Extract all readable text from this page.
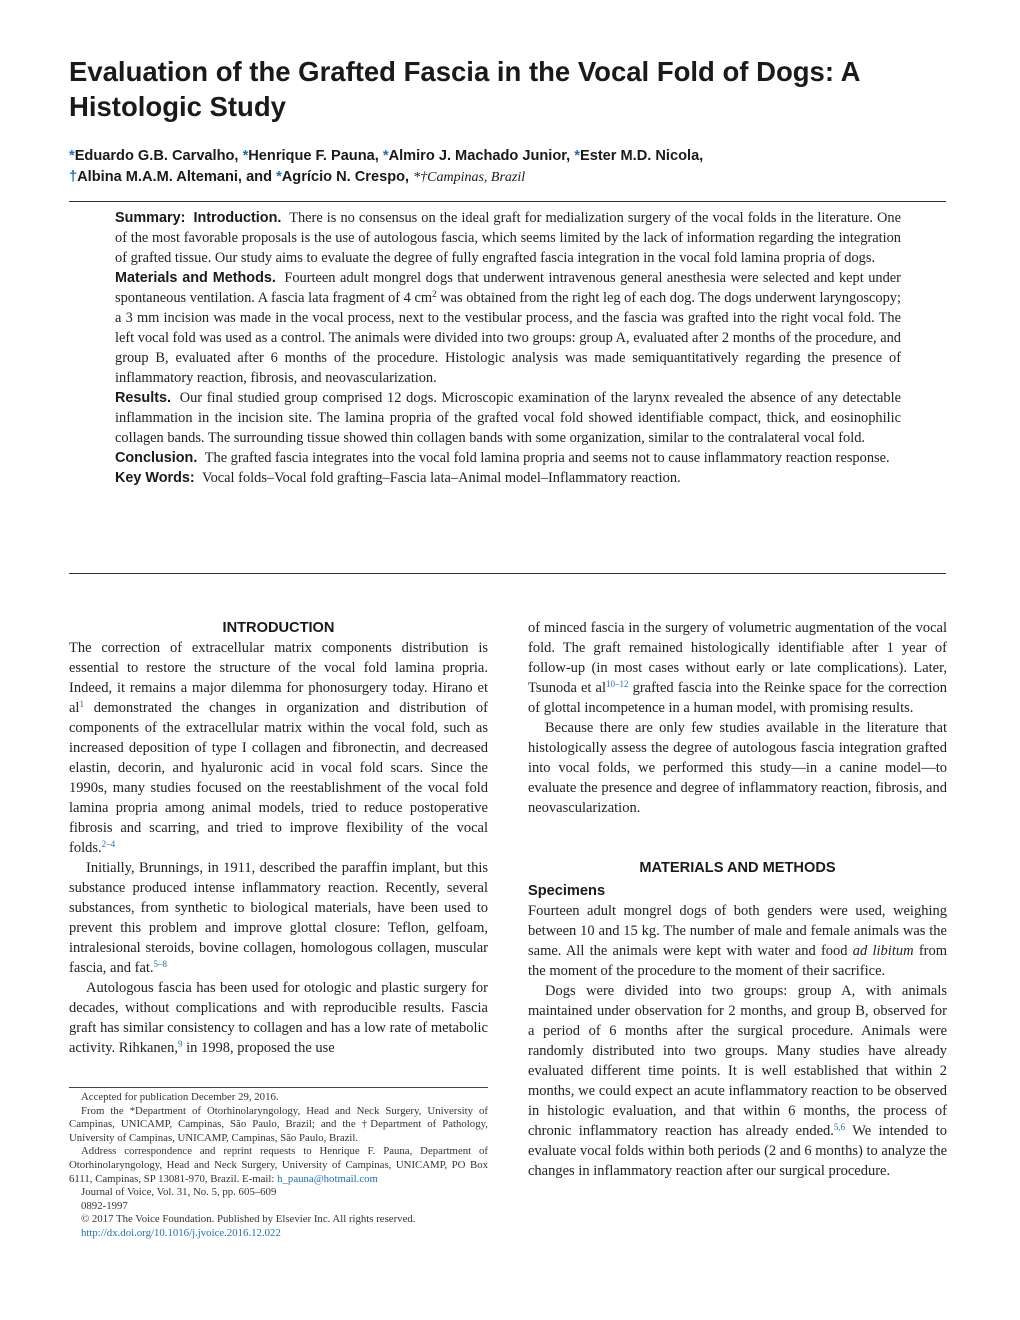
Evaluation of the Grafted Fascia in the Vocal Fold of Dogs: A Histologic Study
*Eduardo G.B. Carvalho, *Henrique F. Pauna, *Almiro J. Machado Junior, *Ester M.D. Nicola,
†Albina M.A.M. Altemani, and *Agrício N. Crespo, *†Campinas, Brazil

Summary: Introduction. There is no consensus on the ideal graft for medialization surgery of the vocal folds in the literature. One of the most favorable proposals is the use of autologous fascia, which seems limited by the lack of information regarding the integration of grafted tissue. Our study aims to evaluate the degree of fully engrafted fascia integration in the vocal fold lamina propria of dogs.

Materials and Methods. Fourteen adult mongrel dogs that underwent intravenous general anesthesia were selected and kept under spontaneous ventilation. A fascia lata fragment of 4 $cm^2$ was obtained from the right leg of each dog. The dogs underwent laryngoscopy; a 3 mm incision was made in the vocal process, next to the vestibular process, and the fascia was grafted into the right vocal fold. The left vocal fold was used as a control. The animals were divided into two groups: group A, evaluated after 2 months of the procedure, and group B, evaluated after 6 months of the procedure. Histologic analysis was made semiquantitatively regarding the presence of inflammatory reaction, fibrosis, and neovascularization.

Results. Our final studied group comprised 12 dogs. Microscopic examination of the larynx revealed the absence of any detectable inflammation in the incision site. The lamina propria of the grafted vocal fold showed identifiable compact, thick, and eosinophilic collagen bands. The surrounding tissue showed thin collagen bands with some organization, similar to the contralateral vocal fold.

Conclusion. The grafted fascia integrates into the vocal fold lamina propria and seems not to cause inflammatory reaction response.

Key Words: Vocal folds–Vocal fold grafting–Fascia lata–Animal model–Inflammatory reaction.

INTRODUCTION

The correction of extracellular matrix components distribution is essential to restore the structure of the vocal fold lamina propria. Indeed, it remains a major dilemma for phonosurgery today. Hirano et al$^1$ demonstrated the changes in organization and distribution of components of the extracellular matrix within the vocal fold, such as increased deposition of type I collagen and fibronectin, and decreased elastin, decorin, and hyaluronic acid in vocal fold scars. Since the 1990s, many studies focused on the reestablishment of the vocal fold lamina propria among animal models, tried to reduce postoperative fibrosis and scarring, and tried to improve flexibility of the vocal folds.$^{2-4}$

Initially, Brunnings, in 1911, described the paraffin implant, but this substance produced intense inflammatory reaction. Recently, several substances, from synthetic to biological materials, have been used to prevent this problem and improve glottal closure: Teflon, gelfoam, intralesional steroids, bovine collagen, homologous collagen, muscular fascia, and fat.$^{5-8}$

Autologous fascia has been used for otologic and plastic surgery for decades, without complications and with reproducible results. Fascia graft has similar consistency to collagen and has a low rate of metabolic activity. Rihkanen,$^9$ in 1998, proposed the use

Accepted for publication December 29, 2016.

From the *Department of Otorhinolaryngology, Head and Neck Surgery, University of Campinas, UNICAMP, Campinas, São Paulo, Brazil; and the †Department of Pathology, University of Campinas, UNICAMP, Campinas, São Paulo, Brazil.

Address correspondence and reprint requests to Henrique F. Pauna, Department of Otorhinolaryngology, Head and Neck Surgery, University of Campinas, UNICAMP, PO Box 6111, Campinas, SP 13081-970, Brazil. E-mail: h_pauna@hotmail.com

Journal of Voice, Vol. 31, No. 5, pp. 605–609

0892-1997

© 2017 The Voice Foundation. Published by Elsevier Inc. All rights reserved.

http://dx.doi.org/10.1016/j.jvoice.2016.12.022

of minced fascia in the surgery of volumetric augmentation of the vocal fold. The graft remained histologically identifiable after 1 year of follow-up (in most cases without early or late complications). Later, Tsunoda et al$^{10-12}$ grafted fascia into the Reinke space for the correction of glottal incompetence in a human model, with promising results.

Because there are only few studies available in the literature that histologically assess the degree of autologous fascia integration grafted into vocal folds, we performed this study—in a canine model—to evaluate the presence and degree of inflammatory reaction, fibrosis, and neovascularization.

MATERIALS AND METHODS
Specimens

Fourteen adult mongrel dogs of both genders were used, weighing between 10 and 15 kg. The number of male and female animals was the same. All the animals were kept with water and food ad libitum from the moment of the procedure to the moment of their sacrifice.

Dogs were divided into two groups: group A, with animals maintained under observation for 2 months, and group B, observed for a period of 6 months after the surgical procedure. Animals were randomly distributed into two groups. Many studies have already evaluated different time points. It is well established that within 2 months, we could expect an acute inflammatory reaction to be observed in histologic evaluation, and that within 6 months, the process of chronic inflammatory reaction has already ended.$^{5,6}$ We intended to evaluate vocal folds within both periods (2 and 6 months) to analyze the changes in inflammatory reaction after our surgical procedure.
